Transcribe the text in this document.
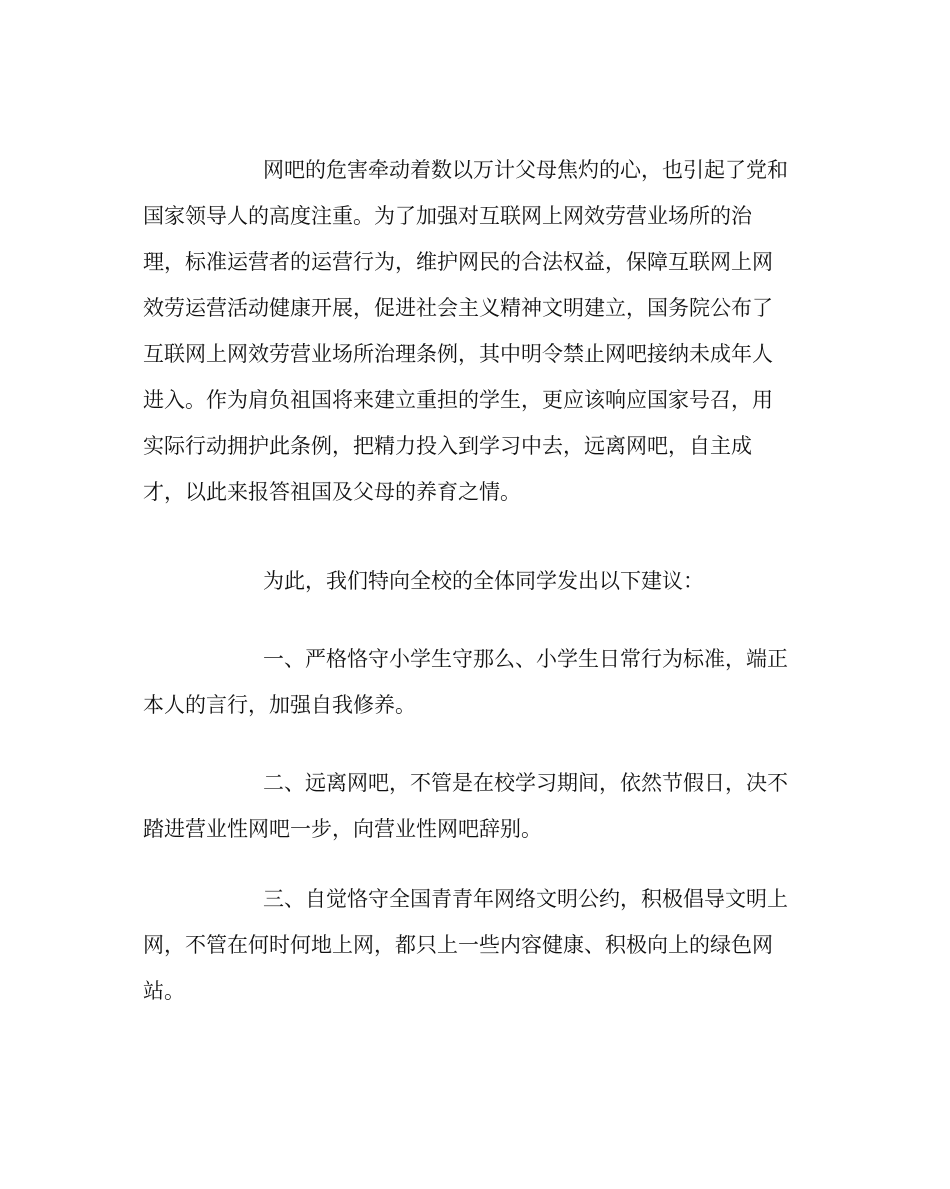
网吧的危害牵动着数以万计父母焦灼的心，也引起了党和
国家领导人的高度注重。为了加强对互联网上网效劳营业场所的治
理，标准运营者的运营行为，维护网民的合法权益，保障互联网上网
效劳运营活动健康开展，促进社会主义精神文明建立，国务院公布了
互联网上网效劳营业场所治理条例，其中明令禁止网吧接纳未成年人
进入。作为肩负祖国将来建立重担的学生，更应该响应国家号召，用
实际行动拥护此条例，把精力投入到学习中去，远离网吧，自主成
才，以此来报答祖国及父母的养育之情。
为此，我们特向全校的全体同学发出以下建议：
一、严格恪守小学生守那么、小学生日常行为标准，端正
本人的言行，加强自我修养。
二、远离网吧，不管是在校学习期间，依然节假日，决不
踏进营业性网吧一步，向营业性网吧辞别。
三、自觉恪守全国青青年网络文明公约，积极倡导文明上
网，不管在何时何地上网，都只上一些内容健康、积极向上的绿色网
站。
